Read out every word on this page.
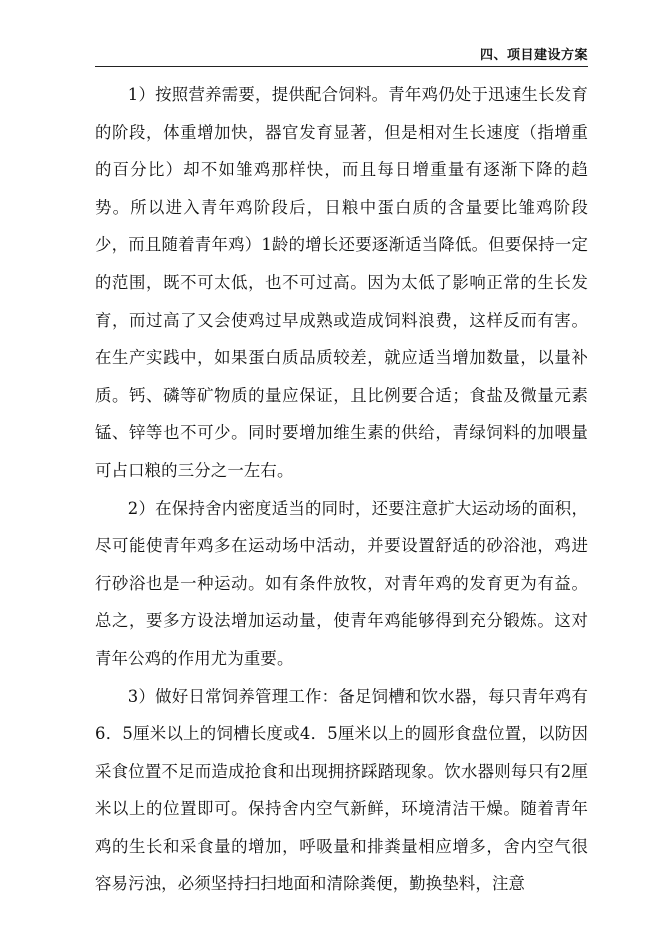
四、项目建设方案

1）按照营养需要，提供配合饲料。青年鸡仍处于迅速生长发育的阶段，体重增加快，器官发育显著，但是相对生长速度（指增重的百分比）却不如雏鸡那样快，而且每日增重量有逐渐下降的趋势。所以进入青年鸡阶段后，日粮中蛋白质的含量要比雏鸡阶段少，而且随着青年鸡）1龄的增长还要逐渐适当降低。但要保持一定的范围，既不可太低，也不可过高。因为太低了影响正常的生长发育，而过高了又会使鸡过早成熟或造成饲料浪费，这样反而有害。在生产实践中，如果蛋白质品质较差，就应适当增加数量，以量补质。钙、磷等矿物质的量应保证，且比例要合适；食盐及微量元素锰、锌等也不可少。同时要增加维生素的供给，青绿饲料的加喂量可占口粮的三分之一左右。

2）在保持舍内密度适当的同时，还要注意扩大运动场的面积，尽可能使青年鸡多在运动场中活动，并要设置舒适的砂浴池，鸡进行砂浴也是一种运动。如有条件放牧，对青年鸡的发育更为有益。总之，要多方设法增加运动量，使青年鸡能够得到充分锻炼。这对青年公鸡的作用尤为重要。

3）做好日常饲养管理工作：备足饲槽和饮水器，每只青年鸡有6．5厘米以上的饲槽长度或4．5厘米以上的圆形食盘位置，以防因采食位置不足而造成抢食和出现拥挤踩踏现象。饮水器则每只有2厘米以上的位置即可。保持舍内空气新鲜，环境清洁干燥。随着青年鸡的生长和采食量的增加，呼吸量和排粪量相应增多，舍内空气很容易污浊，必须坚持扫扫地面和清除粪便，勤换垫料，注意
